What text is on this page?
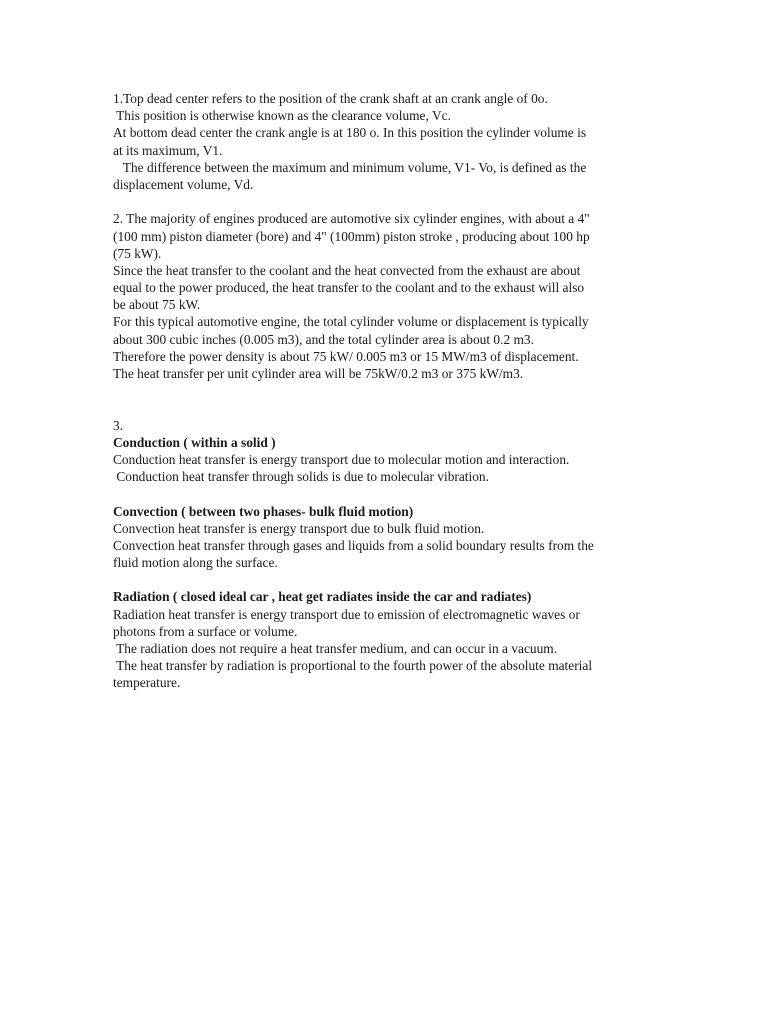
1.Top dead center refers to the position of the crank shaft at an crank angle of 0o.
This position is otherwise known as the clearance volume, Vc.
At bottom dead center the crank angle is at 180 o. In this position the cylinder volume is
at its maximum, V1.
The difference between the maximum and minimum volume, V1- Vo, is defined as the
displacement volume, Vd.
2. The majority of engines produced are automotive six cylinder engines, with about a 4"
(100 mm) piston diameter (bore) and 4" (100mm) piston stroke , producing about 100 hp
(75 kW).
Since the heat transfer to the coolant and the heat convected from the exhaust are about
equal to the power produced, the heat transfer to the coolant and to the exhaust will also
be about 75 kW.
For this typical automotive engine, the total cylinder volume or displacement is typically
about 300 cubic inches (0.005 m3), and the total cylinder area is about 0.2 m3.
Therefore the power density is about 75 kW/ 0.005 m3 or 15 MW/m3 of displacement.
The heat transfer per unit cylinder area will be 75kW/0.2 m3 or 375 kW/m3.
3.
Conduction ( within a solid )
Conduction heat transfer is energy transport due to molecular motion and interaction.
Conduction heat transfer through solids is due to molecular vibration.
Convection ( between two phases- bulk fluid motion)
Convection heat transfer is energy transport due to bulk fluid motion.
Convection heat transfer through gases and liquids from a solid boundary results from the
fluid motion along the surface.
Radiation ( closed ideal car , heat get radiates inside the car and radiates)
Radiation heat transfer is energy transport due to emission of electromagnetic waves or
photons from a surface or volume.
The radiation does not require a heat transfer medium, and can occur in a vacuum.
The heat transfer by radiation is proportional to the fourth power of the absolute material
temperature.
